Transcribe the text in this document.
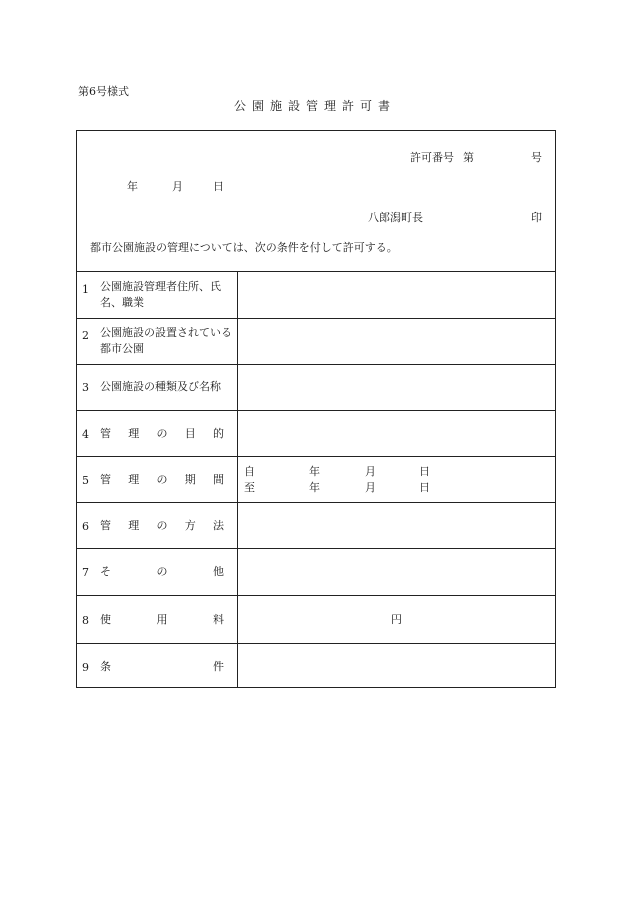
第6号様式
公園施設管理許可書
許可番号 第	号
年	月	日
八郎潟町長	印
都市公園施設の管理については、次の条件を付して許可する。
1 公園施設管理者住所、氏
名、職業
2 公園施設の設置されている
都市公園
3 公園施設の種類及び名称
4 管 理 の 目 的
5 管 理 の 期 間
自	年	月	日
至	年	月	日
6 管 理 の 方 法
7 そ	の	他
8 使	用	料	円
9 条	件
